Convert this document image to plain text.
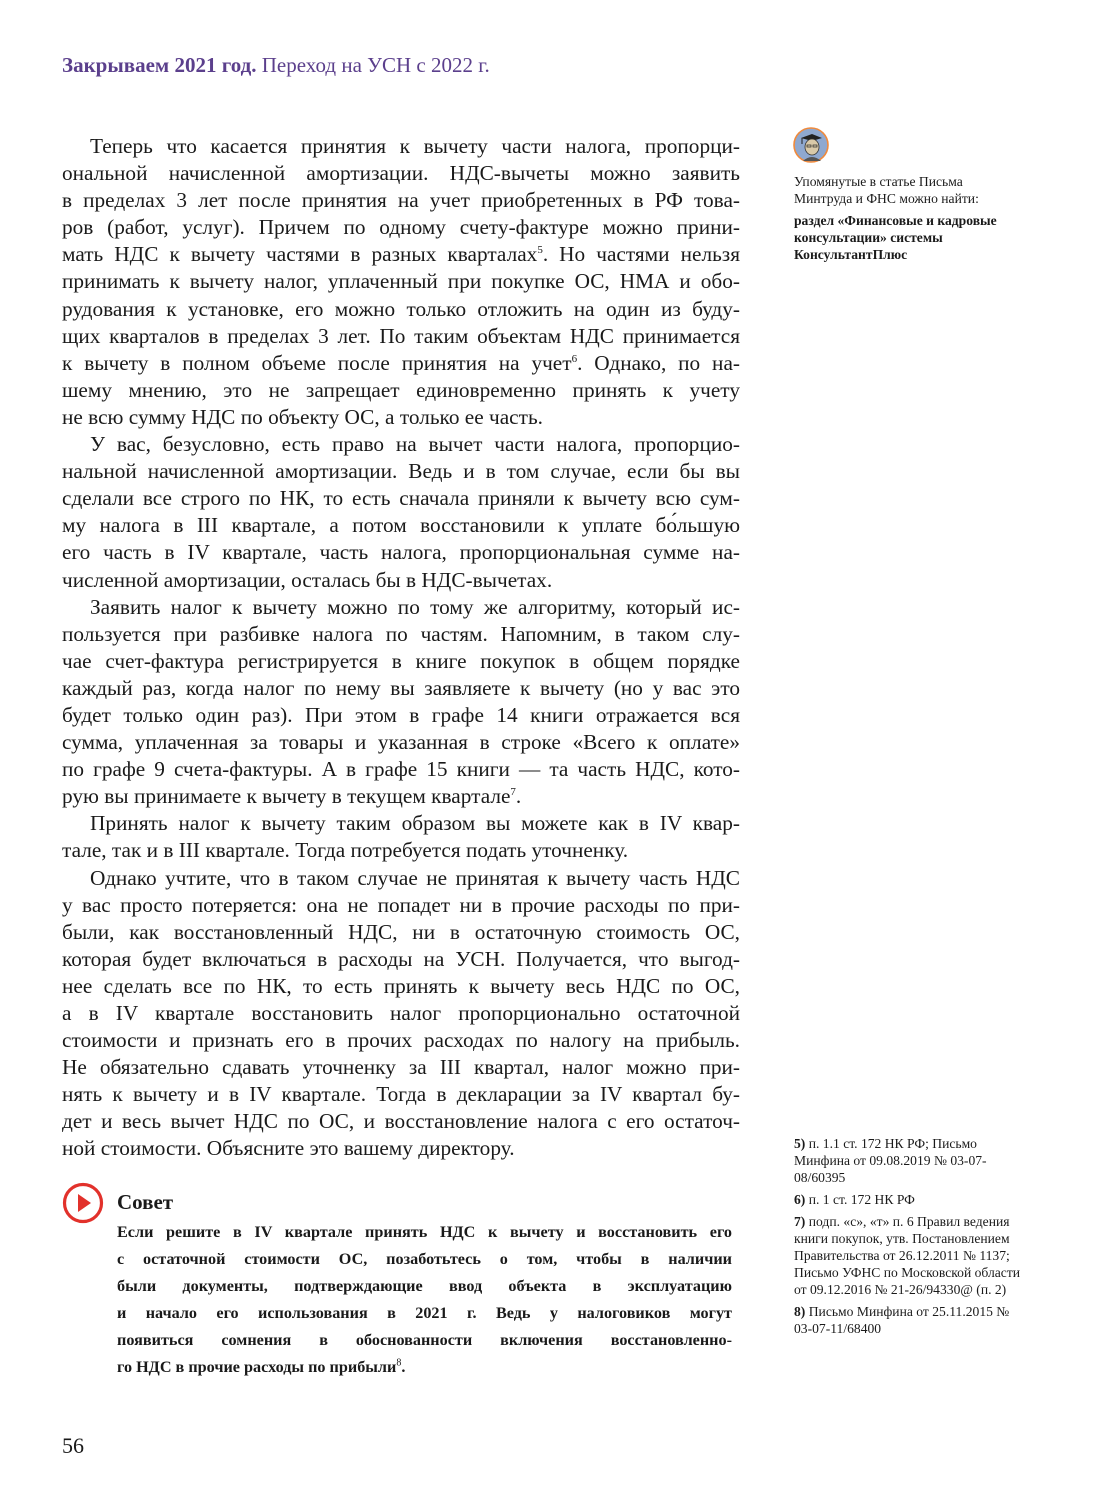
Закрываем 2021 год. Переход на УСН с 2022 г.
Теперь что касается принятия к вычету части налога, пропорци-
ональной начисленной амортизации. НДС-вычеты можно заявить
в пределах 3 лет после принятия на учет приобретенных в РФ това-
ров (работ, услуг). Причем по одному счету-фактуре можно прини-
мать НДС к вычету частями в разных кварталах$^5$. Но частями нельзя
принимать к вычету налог, уплаченный при покупке ОС, НМА и обо-
рудования к установке, его можно только отложить на один из буду-
щих кварталов в пределах 3 лет. По таким объектам НДС принимается
к вычету в полном объеме после принятия на учет$^6$. Однако, по на-
шему мнению, это не запрещает единовременно принять к учету
не всю сумму НДС по объекту ОС, а только ее часть.
У вас, безусловно, есть право на вычет части налога, пропорцио-
нальной начисленной амортизации. Ведь и в том случае, если бы вы
сделали все строго по НК, то есть сначала приняли к вычету всю сум-
му налога в III квартале, а потом восстановили к уплате бо́льшую
его часть в IV квартале, часть налога, пропорциональная сумме на-
численной амортизации, осталась бы в НДС-вычетах.
Заявить налог к вычету можно по тому же алгоритму, который ис-
пользуется при разбивке налога по частям. Напомним, в таком слу-
чае счет-фактура регистрируется в книге покупок в общем порядке
каждый раз, когда налог по нему вы заявляете к вычету (но у вас это
будет только один раз). При этом в графе 14 книги отражается вся
сумма, уплаченная за товары и указанная в строке «Всего к оплате»
по графе 9 счета-фактуры. А в графе 15 книги — та часть НДС, кото-
рую вы принимаете к вычету в текущем квартале$^7$.
Принять налог к вычету таким образом вы можете как в IV квар-
тале, так и в III квартале. Тогда потребуется подать уточненку.
Однако учтите, что в таком случае не принятая к вычету часть НДС
у вас просто потеряется: она не попадет ни в прочие расходы по при-
были, как восстановленный НДС, ни в остаточную стоимость ОС,
которая будет включаться в расходы на УСН. Получается, что выгод-
нее сделать все по НК, то есть принять к вычету весь НДС по ОС,
а в IV квартале восстановить налог пропорционально остаточной
стоимости и признать его в прочих расходах по налогу на прибыль.
Не обязательно сдавать уточненку за III квартал, налог можно при-
нять к вычету и в IV квартале. Тогда в декларации за IV квартал бу-
дет и весь вычет НДС по ОС, и восстановление налога с его остаточ-
ной стоимости. Объясните это вашему директору.
Упомянутые в статье Письма Минтруда и ФНС можно найти:
раздел «Финансовые и кадровые консультации» системы КонсультантПлюс
Совет
Если решите в IV квартале принять НДС к вычету и восстановить его
с остаточной стоимости ОС, позаботьтесь о том, чтобы в наличии
были документы, подтверждающие ввод объекта в эксплуатацию
и начало его использования в 2021 г. Ведь у налоговиков могут
появиться сомнения в обоснованности включения восстановленно-
го НДС в прочие расходы по прибыли$^8$.
5) п. 1.1 ст. 172 НК РФ; Письмо Минфина от 09.08.2019 № 03-07-08/60395
6) п. 1 ст. 172 НК РФ
7) подп. «с», «т» п. 6 Правил ведения книги покупок, утв. Постановлением Правительства от 26.12.2011 № 1137; Письмо УФНС по Московской области от 09.12.2016 № 21-26/94330@ (п. 2)
8) Письмо Минфина от 25.11.2015 № 03-07-11/68400
56
